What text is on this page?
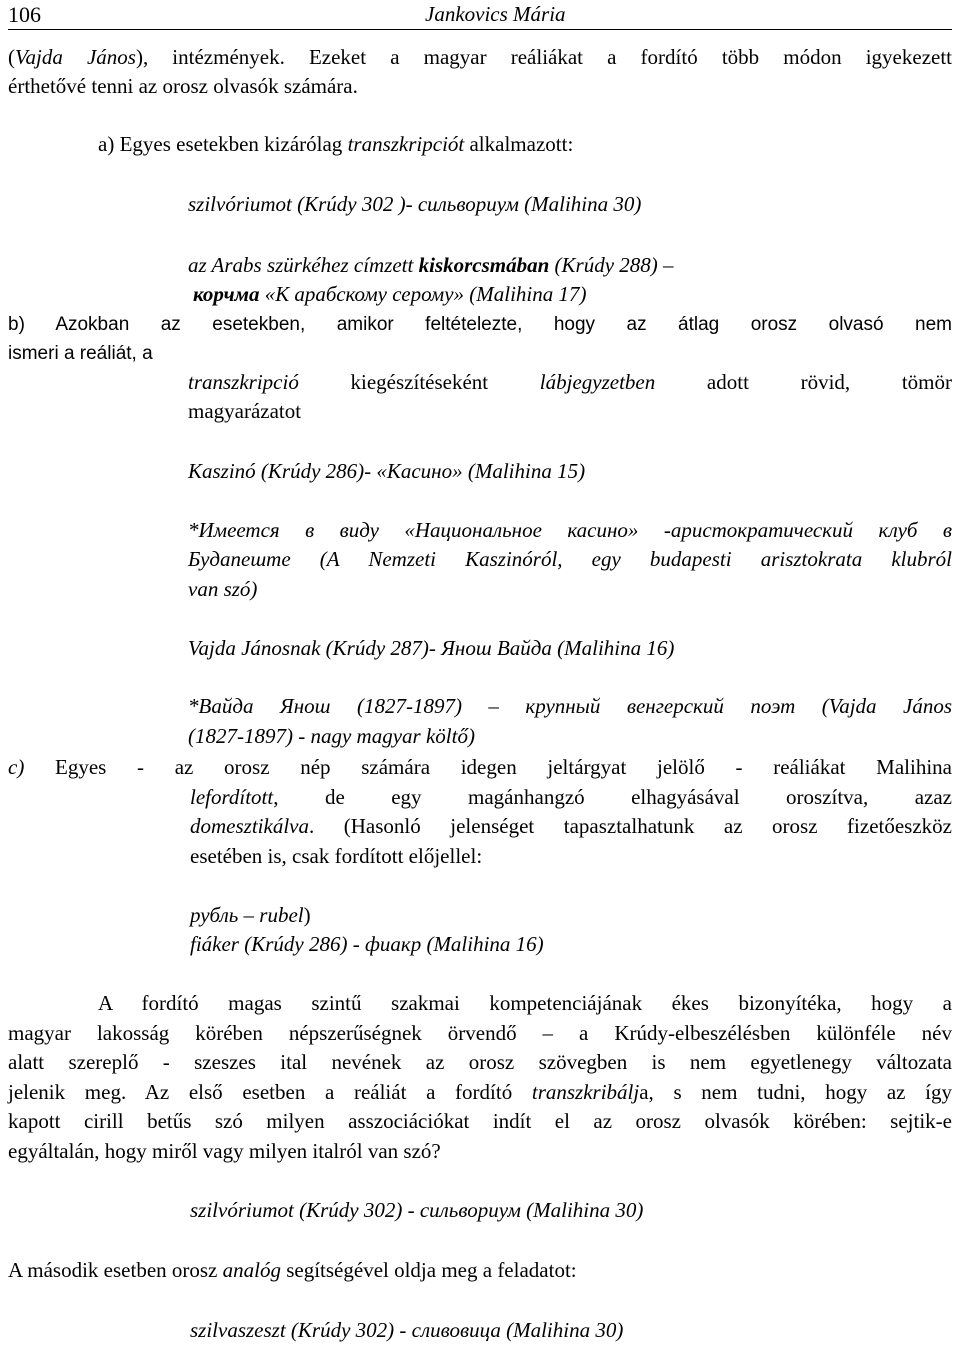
106	Jankovics Mária
(Vajda János), intézmények. Ezeket a magyar reáliákat a fordító több módon igyekezett
érthetővé tenni az orosz olvasók számára.
a) Egyes esetekben kizárólag transzkripciót alkalmazott:
szilvóriumot (Krúdy 302 )- сильвориум (Malihina 30)
az Arabs szürkéhez címzett kiskorcsmában (Krúdy 288) –
корчма «К арабскому серому» (Malihina 17)
b) Azokban az esetekben, amikor feltételezte, hogy az átlag orosz olvasó nem
ismeri a reáliát, a
transzkripció kiegészítéseként lábjegyzetben adott rövid, tömör
magyarázatot
Kaszinó (Krúdy 286)- «Касино» (Malihina 15)
*Имеется в виду «Национальное касино» -аристократический клуб в
Будапеште (A Nemzeti Kaszinóról, egy budapesti arisztokrata klubról
van szó)
Vajda Jánosnak (Krúdy 287)- Янош Вайда (Malihina 16)
*Вайда Янош (1827-1897) – крупный венгерский поэт (Vajda János
(1827-1897) - nagy magyar költő)
c) Egyes - az orosz nép számára idegen jeltárgyat jelölő - reáliákat Malihina
lefordított, de egy magánhangzó elhagyásával oroszítva, azaz
domesztikálva. (Hasonló jelenséget tapasztalhatunk az orosz fizetőeszköz
esetében is, csak fordított előjellel:
рубль – rubel)
fiáker (Krúdy 286) - фиакр (Malihina 16)
A fordító magas szintű szakmai kompetenciájának ékes bizonyítéka, hogy a
magyar lakosság körében népszerűségnek örvendő – a Krúdy-elbeszélésben különféle név
alatt szereplő - szeszes ital nevének az orosz szövegben is nem egyetlenegy változata
jelenik meg. Az első esetben a reáliát a fordító transzkribálja, s nem tudni, hogy az így
kapott cirill betűs szó milyen asszociációkat indít el az orosz olvasók körében: sejtik-e
egyáltalán, hogy miről vagy milyen italról van szó?
szilvóriumot (Krúdy 302) - сильвориум (Malihina 30)
A második esetben orosz analóg segítségével oldja meg a feladatot:
szilvaszeszt (Krúdy 302) - сливовица (Malihina 30)
